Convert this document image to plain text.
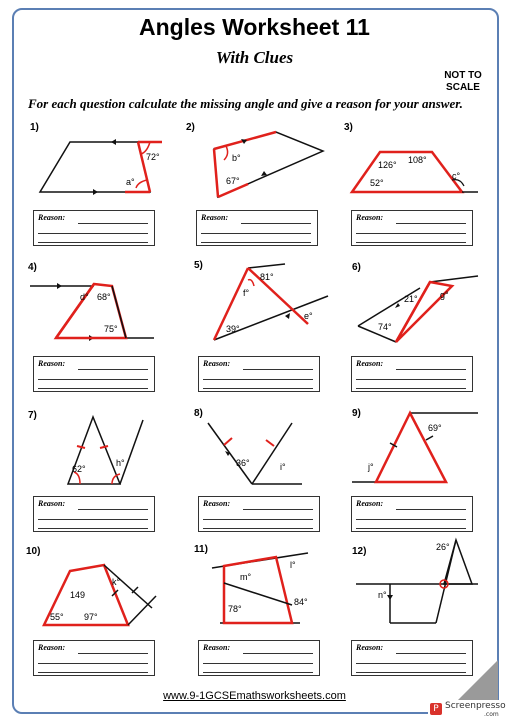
Angles Worksheet 11
With Clues
NOT TO SCALE
For each question calculate the missing angle and give a reason for your answer.
72°
a°
b°
67°
126° 108°
52°
c°
d° 68°
75°
81°
f°
39°
e°
21° g°
74°
62°
h°	36°	i°
69°
j°
149
k°
55° 97°
m°
l°
78°
84°
26°
n°
1)	2)	3)
4)	5)	6)
7)	8)	9)
10)	11)	12)
Reason:	Reason:	Reason:
Reason:	Reason:	Reason:
Reason:	Reason:	Reason:
Reason:	Reason:	Reason:
www.9-1GCSEmathsworksheets.com
P Screenpresso
.com
